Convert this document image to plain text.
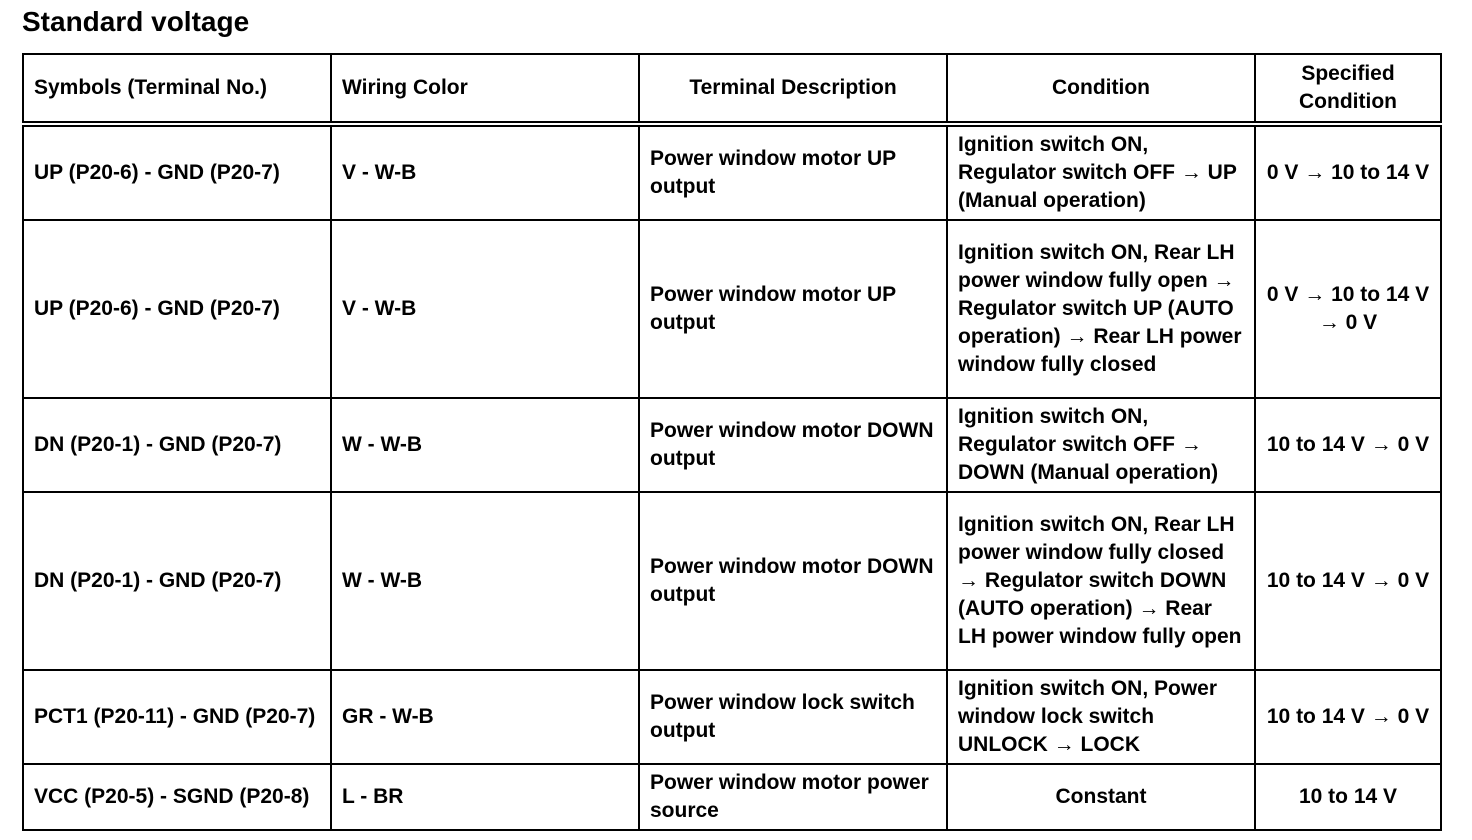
Standard voltage
Symbols (Terminal No.)	Wiring Color	Terminal Description	Condition	Specified Condition
UP (P20-6) - GND (P20-7)	V - W-B	Power window motor UP output	Ignition switch ON, Regulator switch OFF → UP (Manual operation)	0 V → 10 to 14 V
UP (P20-6) - GND (P20-7)	V - W-B	Power window motor UP output	Ignition switch ON, Rear LH power window fully open → Regulator switch UP (AUTO operation) → Rear LH power window fully closed	0 V → 10 to 14 V → 0 V
DN (P20-1) - GND (P20-7)	W - W-B	Power window motor DOWN output	Ignition switch ON, Regulator switch OFF → DOWN (Manual operation)	10 to 14 V → 0 V
DN (P20-1) - GND (P20-7)	W - W-B	Power window motor DOWN output	Ignition switch ON, Rear LH power window fully closed → Regulator switch DOWN (AUTO operation) → Rear LH power window fully open	10 to 14 V → 0 V
PCT1 (P20-11) - GND (P20-7)	GR - W-B	Power window lock switch output	Ignition switch ON, Power window lock switch UNLOCK → LOCK	10 to 14 V → 0 V
VCC (P20-5) - SGND (P20-8)	L - BR	Power window motor power source	Constant	10 to 14 V
